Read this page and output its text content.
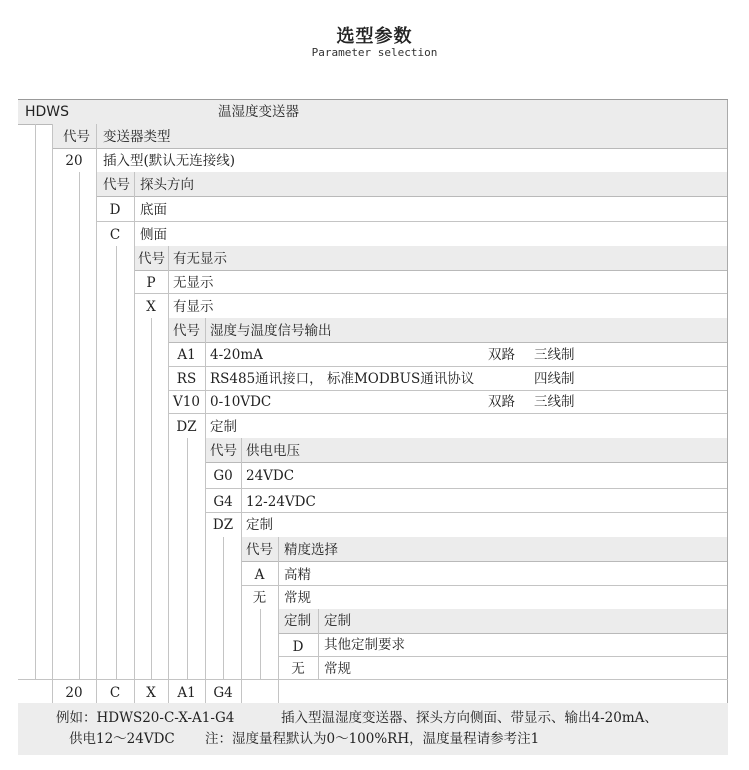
选型参数
Parameter selection
HDWS	温湿度变送器
代号 变送器类型
20	插入型(默认无连接线)
代号 探头方向
D	底面
C	侧面
代号 有无显示
P	无显示
X	有显示
代号 湿度与温度信号输出
A1	4-20mA	双路 三线制
RS	RS485通讯接口， 标准MODBUS通讯协议	四线制
V10 0-10VDC	双路 三线制
DZ 定制
代号 供电电压
G0 24VDC
G4 12-24VDC
DZ 定制
代号 精度选择
A	高精
无	常规
定制 定制
D	其他定制要求
无	常规
20	C	X	A1	G4
例如：HDWS20-C-X-A1-G4	插入型温湿度变送器、探头方向侧面、带显示、输出4-20mA、
供电12～24VDC 注：湿度量程默认为0～100%RH，温度量程请参考注1
